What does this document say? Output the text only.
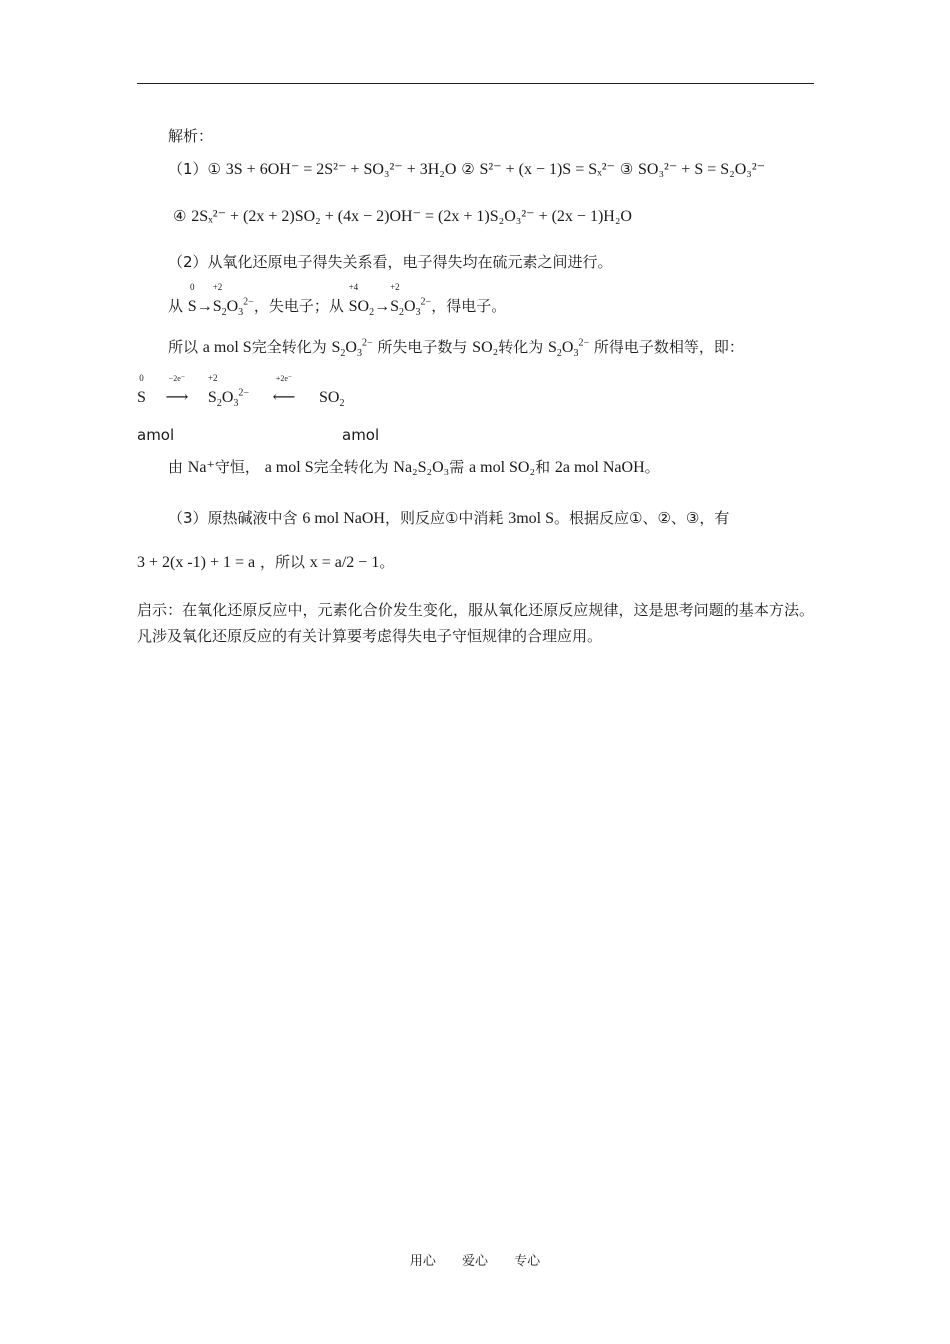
解析：
（1）① 3S + 6OH⁻ = 2S²⁻ + SO₃²⁻ + 3H₂O ② S²⁻ + (x − 1)S = Sₓ²⁻ ③ SO₃²⁻ + S = S₂O₃²⁻
④ 2Sₓ²⁻ + (2x + 2)SO₂ + (4x − 2)OH⁻ = (2x + 1)S₂O₃²⁻ + (2x − 1)H₂O
（2）从氧化还原电子得失关系看，电子得失均在硫元素之间进行。
从
0
S→
+2
$S_2O_3^{2-}$，失电子；从
+4
$SO_2\to$
+2
$S_2O_3^{2-}$，得电子。
所以 a mol S完全转化为 $S_2O_3^{2-}$ 所失电子数与 SO₂转化为 $S_2O_3^{2-}$ 所得电子数相等，即：
0
S
−2e⁻
⟶
+2
$S_2O_3^{2-}$
+2e⁻
⟵ $SO_2$
amol	amol
由 Na⁺守恒， a mol S完全转化为 Na₂S₂O₃需 a mol SO₂和 2a mol NaOH。
（3）原热碱液中含 6 mol NaOH，则反应①中消耗 3mol S。根据反应①、②、③，有
3 + 2(x -1) + 1 = a ，所以 x = a/2 − 1。
启示：在氧化还原反应中，元素化合价发生变化，服从氧化还原反应规律，这是思考问题的基本方法。凡涉及氧化还原反应的有关计算要考虑得失电子守恒规律的合理应用。
用心 爱心 专心
